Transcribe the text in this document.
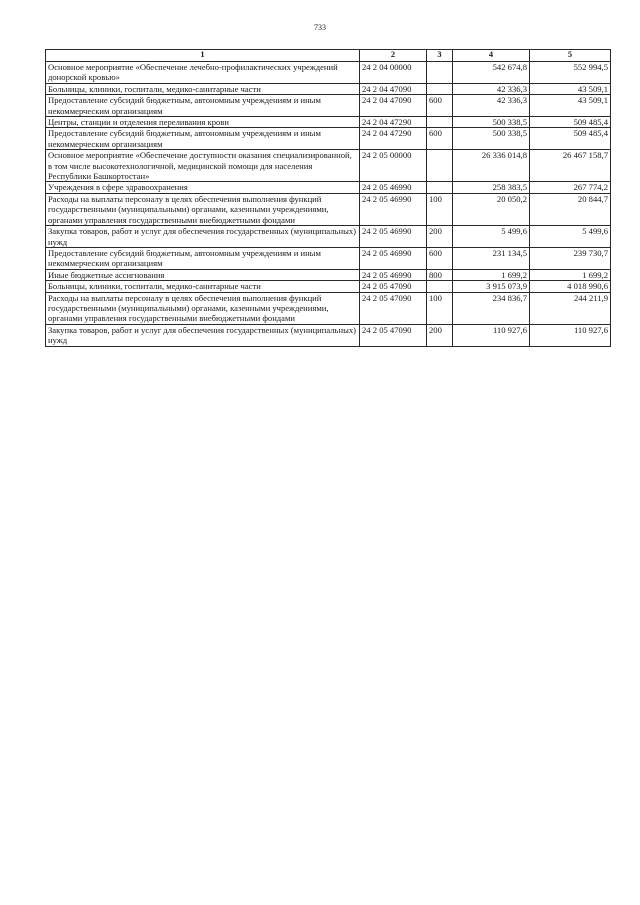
733
1	2	3	4	5
Основное мероприятие «Обеспечение лечебно-профилактических учреждений донорской кровью»	24 2 04 00000		542 674,8	552 994,5
Больницы, клиники, госпитали, медико-санитарные части	24 2 04 47090		42 336,3	43 509,1
Предоставление субсидий бюджетным, автономным учреждениям и иным некоммерческим организациям	24 2 04 47090	600	42 336,3	43 509,1
Центры, станции и отделения переливания крови	24 2 04 47290		500 338,5	509 485,4
Предоставление субсидий бюджетным, автономным учреждениям и иным некоммерческим организациям	24 2 04 47290	600	500 338,5	509 485,4
Основное мероприятие «Обеспечение доступности оказания специализированной, в том числе высокотехнологичной, медицинской помощи для населения Республики Башкортостан»	24 2 05 00000		26 336 014,8	26 467 158,7
Учреждения в сфере здравоохранения	24 2 05 46990		258 383,5	267 774,2
Расходы на выплаты персоналу в целях обеспечения выполнения функций государственными (муниципальными) органами, казенными учреждениями, органами управления государственными внебюджетными фондами	24 2 05 46990	100	20 050,2	20 844,7
Закупка товаров, работ и услуг для обеспечения государственных (муниципальных) нужд	24 2 05 46990	200	5 499,6	5 499,6
Предоставление субсидий бюджетным, автономным учреждениям и иным некоммерческим организациям	24 2 05 46990	600	231 134,5	239 730,7
Иные бюджетные ассигнования	24 2 05 46990	800	1 699,2	1 699,2
Больницы, клиники, госпитали, медико-санитарные части	24 2 05 47090		3 915 073,9	4 018 990,6
Расходы на выплаты персоналу в целях обеспечения выполнения функций государственными (муниципальными) органами, казенными учреждениями, органами управления государственными внебюджетными фондами	24 2 05 47090	100	234 836,7	244 211,9
Закупка товаров, работ и услуг для обеспечения государственных (муниципальных) нужд	24 2 05 47090	200	110 927,6	110 927,6
